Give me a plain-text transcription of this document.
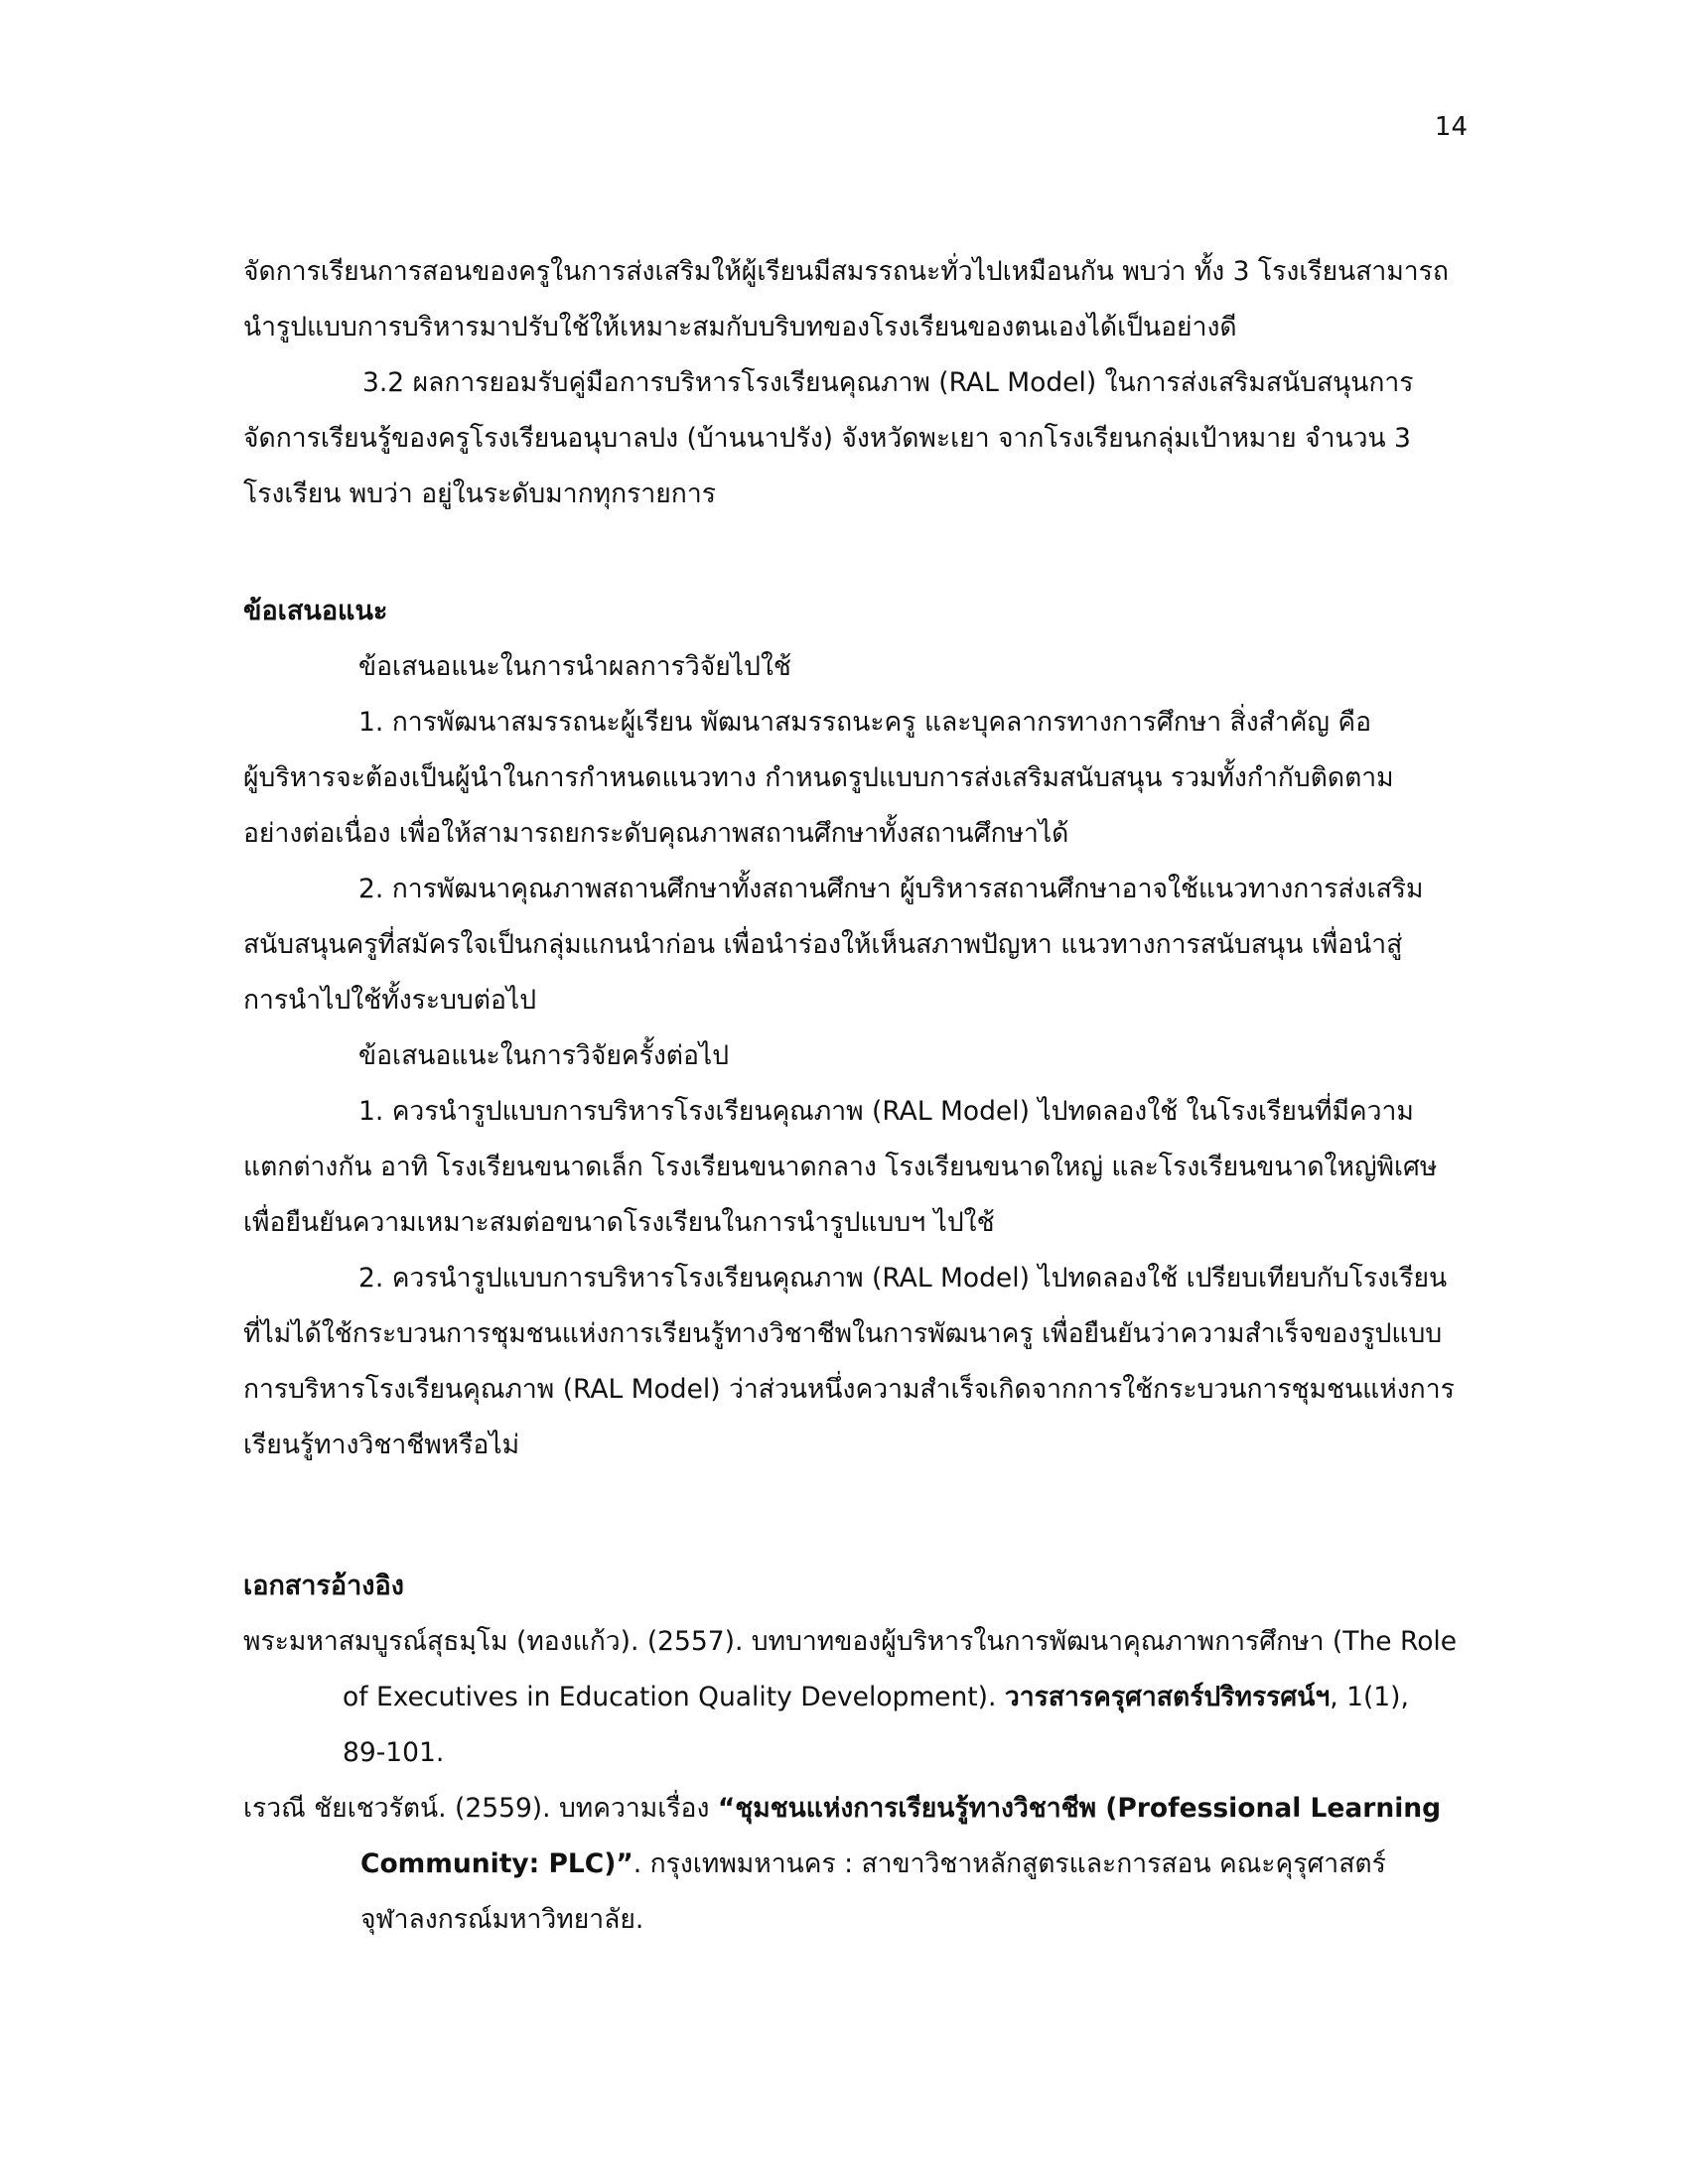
14
จัดการเรียนการสอนของครูในการส่งเสริมให้ผู้เรียนมีสมรรถนะทั่วไปเหมือนกัน พบว่า ทั้ง 3 โรงเรียนสามารถ
นำรูปแบบการบริหารมาปรับใช้ให้เหมาะสมกับบริบทของโรงเรียนของตนเองได้เป็นอย่างดี
3.2 ผลการยอมรับคู่มือการบริหารโรงเรียนคุณภาพ (RAL Model) ในการส่งเสริมสนับสนุนการ
จัดการเรียนรู้ของครูโรงเรียนอนุบาลปง (บ้านนาปรัง) จังหวัดพะเยา จากโรงเรียนกลุ่มเป้าหมาย จำนวน 3
โรงเรียน พบว่า อยู่ในระดับมากทุกรายการ
ข้อเสนอแนะ
ข้อเสนอแนะในการนำผลการวิจัยไปใช้
1. การพัฒนาสมรรถนะผู้เรียน พัฒนาสมรรถนะครู และบุคลากรทางการศึกษา สิ่งสำคัญ คือ
ผู้บริหารจะต้องเป็นผู้นำในการกำหนดแนวทาง กำหนดรูปแบบการส่งเสริมสนับสนุน รวมทั้งกำกับติดตาม
อย่างต่อเนื่อง เพื่อให้สามารถยกระดับคุณภาพสถานศึกษาทั้งสถานศึกษาได้
2. การพัฒนาคุณภาพสถานศึกษาทั้งสถานศึกษา ผู้บริหารสถานศึกษาอาจใช้แนวทางการส่งเสริม
สนับสนุนครูที่สมัครใจเป็นกลุ่มแกนนำก่อน เพื่อนำร่องให้เห็นสภาพปัญหา แนวทางการสนับสนุน เพื่อนำสู่
การนำไปใช้ทั้งระบบต่อไป
ข้อเสนอแนะในการวิจัยครั้งต่อไป
1. ควรนำรูปแบบการบริหารโรงเรียนคุณภาพ (RAL Model) ไปทดลองใช้ ในโรงเรียนที่มีความ
แตกต่างกัน อาทิ โรงเรียนขนาดเล็ก โรงเรียนขนาดกลาง โรงเรียนขนาดใหญ่ และโรงเรียนขนาดใหญ่พิเศษ
เพื่อยืนยันความเหมาะสมต่อขนาดโรงเรียนในการนำรูปแบบฯ ไปใช้
2. ควรนำรูปแบบการบริหารโรงเรียนคุณภาพ (RAL Model) ไปทดลองใช้ เปรียบเทียบกับโรงเรียน
ที่ไม่ได้ใช้กระบวนการชุมชนแห่งการเรียนรู้ทางวิชาชีพในการพัฒนาครู เพื่อยืนยันว่าความสำเร็จของรูปแบบ
การบริหารโรงเรียนคุณภาพ (RAL Model) ว่าส่วนหนึ่งความสำเร็จเกิดจากการใช้กระบวนการชุมชนแห่งการ
เรียนรู้ทางวิชาชีพหรือไม่
เอกสารอ้างอิง
พระมหาสมบูรณ์สุธมฺโม (ทองแก้ว). (2557). บทบาทของผู้บริหารในการพัฒนาคุณภาพการศึกษา (The Role
of Executives in Education Quality Development). วารสารครุศาสตร์ปริทรรศน์ฯ, 1(1),
89-101.
เรวณี ชัยเชวรัตน์. (2559). บทความเรื่อง “ชุมชนแห่งการเรียนรู้ทางวิชาชีพ (Professional Learning
Community: PLC)”. กรุงเทพมหานคร : สาขาวิชาหลักสูตรและการสอน คณะคุรุศาสตร์
จุฬาลงกรณ์มหาวิทยาลัย.
